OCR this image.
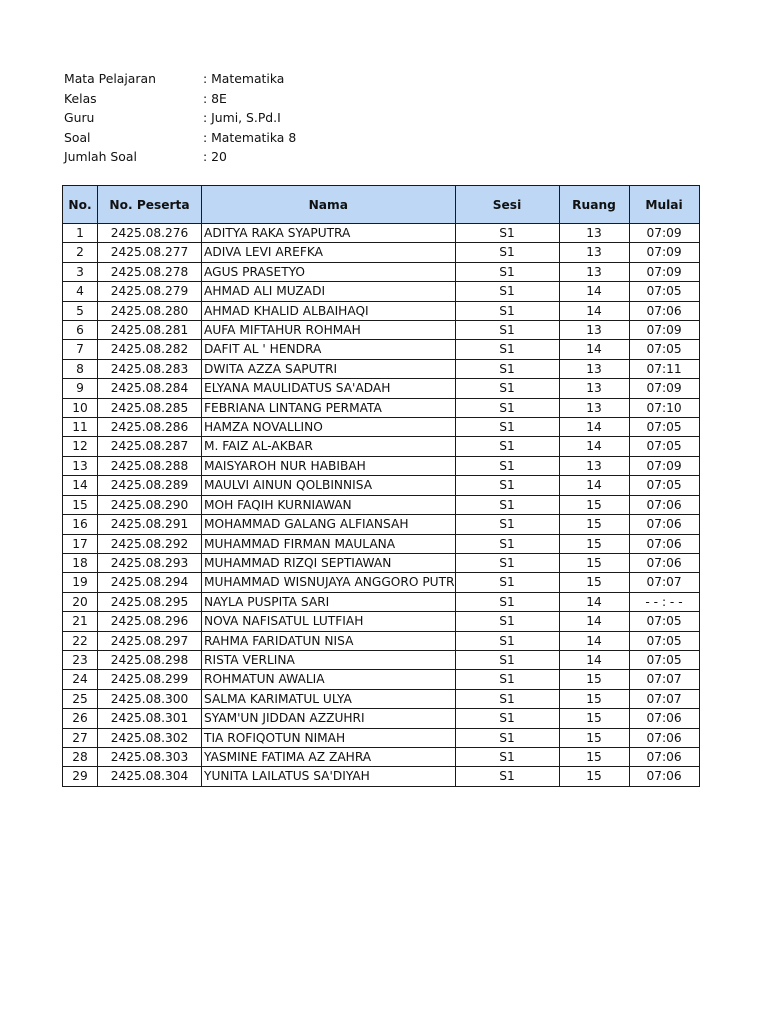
Mata Pelajaran	: Matematika
Kelas	: 8E
Guru	: Jumi, S.Pd.I
Soal	: Matematika 8
Jumlah Soal	: 20
No.	No. Peserta	Nama	Sesi	Ruang	Mulai
1	2425.08.276	ADITYA RAKA SYAPUTRA	S1	13	07:09
2	2425.08.277	ADIVA LEVI AREFKA	S1	13	07:09
3	2425.08.278	AGUS PRASETYO	S1	13	07:09
4	2425.08.279	AHMAD ALI MUZADI	S1	14	07:05
5	2425.08.280	AHMAD KHALID ALBAIHAQI	S1	14	07:06
6	2425.08.281	AUFA MIFTAHUR ROHMAH	S1	13	07:09
7	2425.08.282	DAFIT AL ' HENDRA	S1	14	07:05
8	2425.08.283	DWITA AZZA SAPUTRI	S1	13	07:11
9	2425.08.284	ELYANA MAULIDATUS SA'ADAH	S1	13	07:09
10	2425.08.285	FEBRIANA LINTANG PERMATA	S1	13	07:10
11	2425.08.286	HAMZA NOVALLINO	S1	14	07:05
12	2425.08.287	M. FAIZ AL-AKBAR	S1	14	07:05
13	2425.08.288	MAISYAROH NUR HABIBAH	S1	13	07:09
14	2425.08.289	MAULVI AINUN QOLBINNISA	S1	14	07:05
15	2425.08.290	MOH FAQIH KURNIAWAN	S1	15	07:06
16	2425.08.291	MOHAMMAD GALANG ALFIANSAH	S1	15	07:06
17	2425.08.292	MUHAMMAD FIRMAN MAULANA	S1	15	07:06
18	2425.08.293	MUHAMMAD RIZQI SEPTIAWAN	S1	15	07:06
19	2425.08.294	MUHAMMAD WISNUJAYA ANGGORO PUTR	S1	15	07:07
20	2425.08.295	NAYLA PUSPITA SARI	S1	14	- - : - -
21	2425.08.296	NOVA NAFISATUL LUTFIAH	S1	14	07:05
22	2425.08.297	RAHMA FARIDATUN NISA	S1	14	07:05
23	2425.08.298	RISTA VERLINA	S1	14	07:05
24	2425.08.299	ROHMATUN AWALIA	S1	15	07:07
25	2425.08.300	SALMA KARIMATUL ULYA	S1	15	07:07
26	2425.08.301	SYAM'UN JIDDAN AZZUHRI	S1	15	07:06
27	2425.08.302	TIA ROFIQOTUN NIMAH	S1	15	07:06
28	2425.08.303	YASMINE FATIMA AZ ZAHRA	S1	15	07:06
29	2425.08.304	YUNITA LAILATUS SA'DIYAH	S1	15	07:06
